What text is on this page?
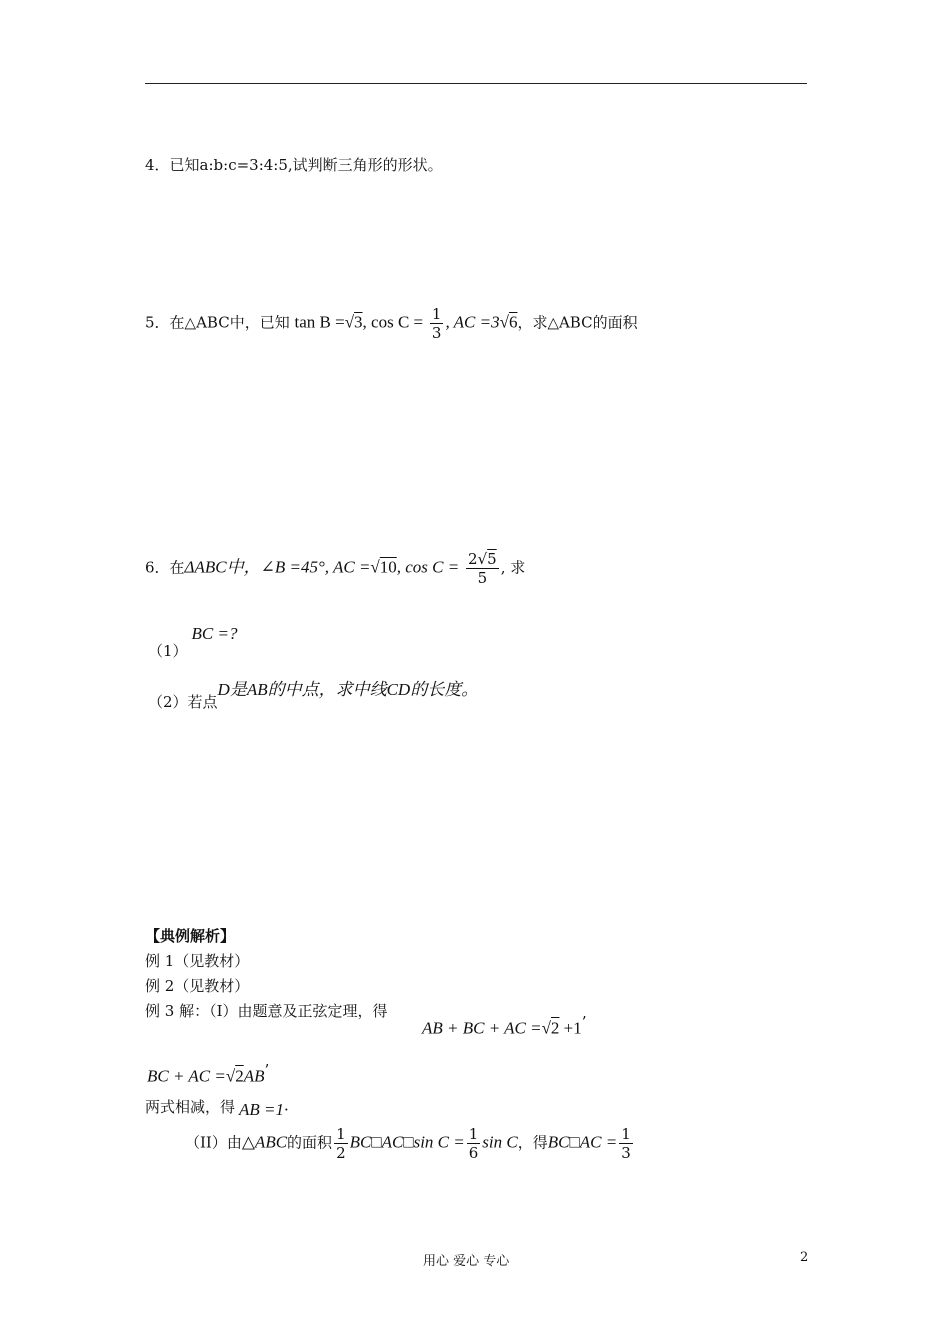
4．已知a:b:c=3:4:5,试判断三角形的形状。
5．在△ABC中，已知 tan B =√3, $\cos C = \frac{1}{3}$ , AC =3√6，求△ABC的面积
6．在ΔABC中，∠B =45°, AC =√10, $\cos C = \frac{2√5}{5}$ , 求
（1）BC =?
（2）若点D是AB的中点，求中线CD的长度。
【典例解析】
例 1（见教材）
例 2（见教材）
例 3 解：（I）由题意及正弦定理，得
AB + BC + AC =√2 +1’
BC + AC =√2AB’
两式相减，得 AB =1·
（II）由△ABC的面积 $\frac{1}{2}$ BC□AC□sin $C = \frac{1}{6}$ sin C，得BC□AC = $\frac{1}{3}$
用心 爱心 专心	2
